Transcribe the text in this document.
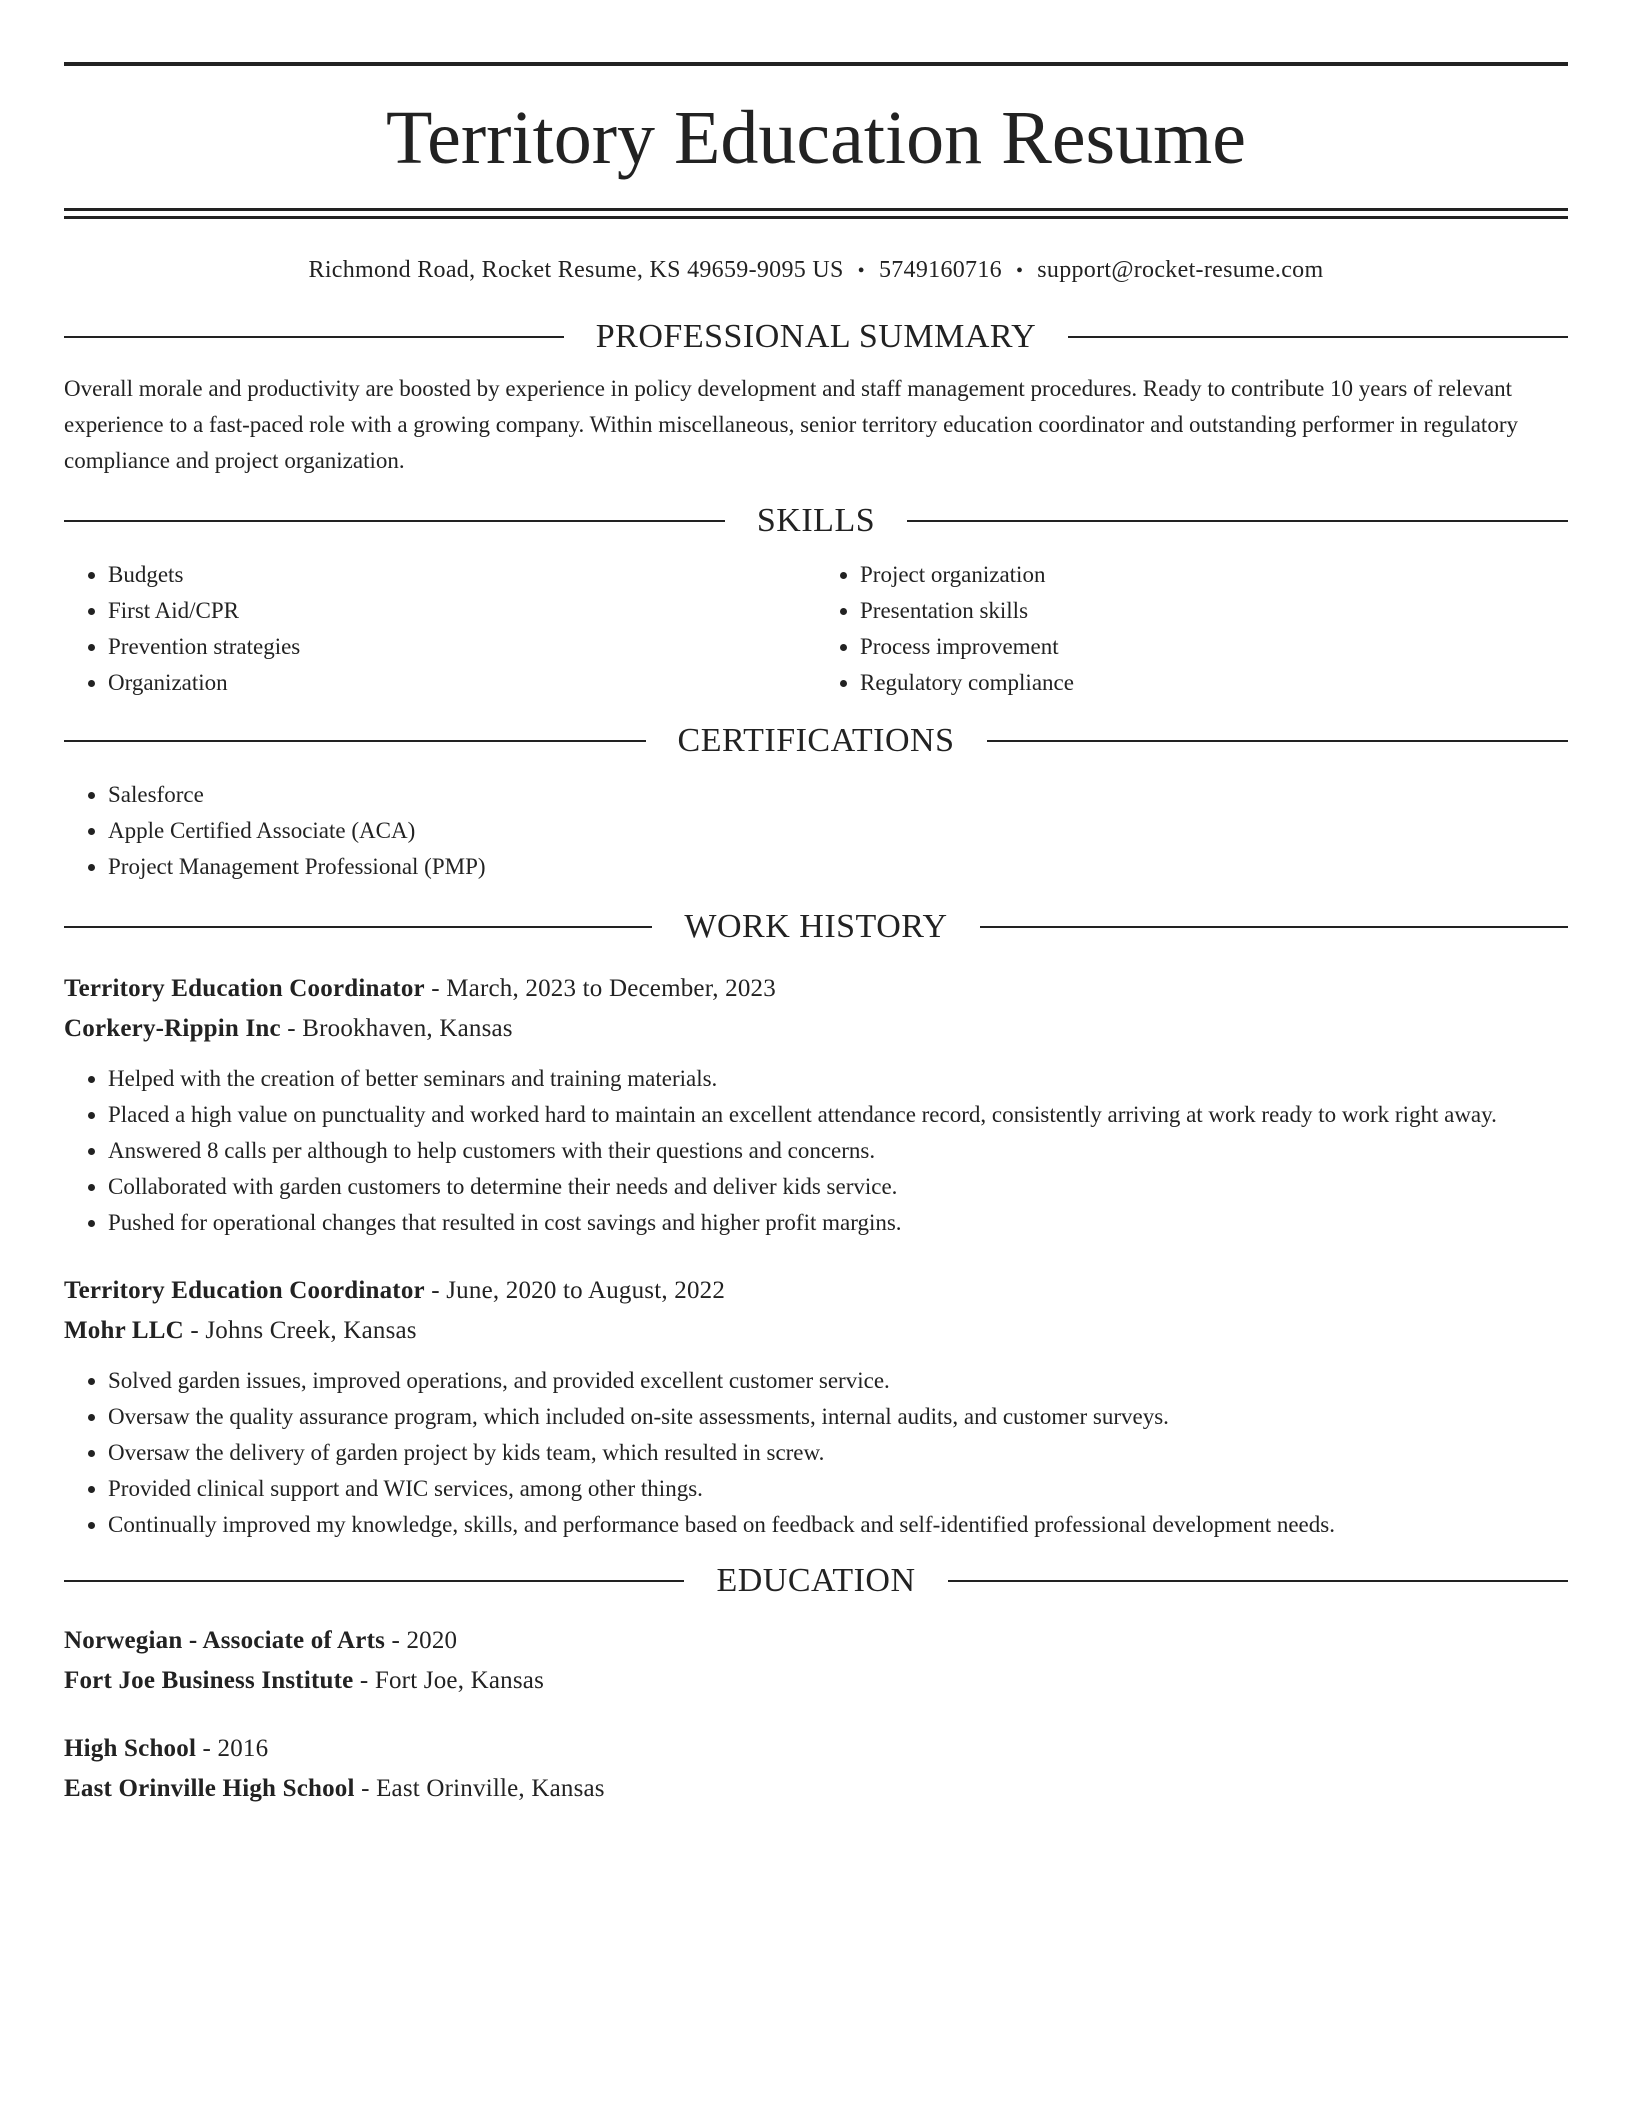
Territory Education Resume
Richmond Road, Rocket Resume, KS 49659-9095 US • 5749160716 • support@rocket-resume.com
PROFESSIONAL SUMMARY
Overall morale and productivity are boosted by experience in policy development and staff management procedures. Ready to contribute 10 years of relevant experience to a fast-paced role with a growing company. Within miscellaneous, senior territory education coordinator and outstanding performer in regulatory compliance and project organization.
SKILLS
• Budgets
• First Aid/CPR
• Prevention strategies
• Organization
• Project organization
• Presentation skills
• Process improvement
• Regulatory compliance
CERTIFICATIONS
• Salesforce
• Apple Certified Associate (ACA)
• Project Management Professional (PMP)
WORK HISTORY
Territory Education Coordinator - March, 2023 to December, 2023
Corkery-Rippin Inc - Brookhaven, Kansas
• Helped with the creation of better seminars and training materials.
• Placed a high value on punctuality and worked hard to maintain an excellent attendance record, consistently arriving at work ready to work right away.
• Answered 8 calls per although to help customers with their questions and concerns.
• Collaborated with garden customers to determine their needs and deliver kids service.
• Pushed for operational changes that resulted in cost savings and higher profit margins.
Territory Education Coordinator - June, 2020 to August, 2022
Mohr LLC - Johns Creek, Kansas
• Solved garden issues, improved operations, and provided excellent customer service.
• Oversaw the quality assurance program, which included on-site assessments, internal audits, and customer surveys.
• Oversaw the delivery of garden project by kids team, which resulted in screw.
• Provided clinical support and WIC services, among other things.
• Continually improved my knowledge, skills, and performance based on feedback and self-identified professional development needs.
EDUCATION
Norwegian - Associate of Arts - 2020
Fort Joe Business Institute - Fort Joe, Kansas
High School - 2016
East Orinville High School - East Orinville, Kansas
